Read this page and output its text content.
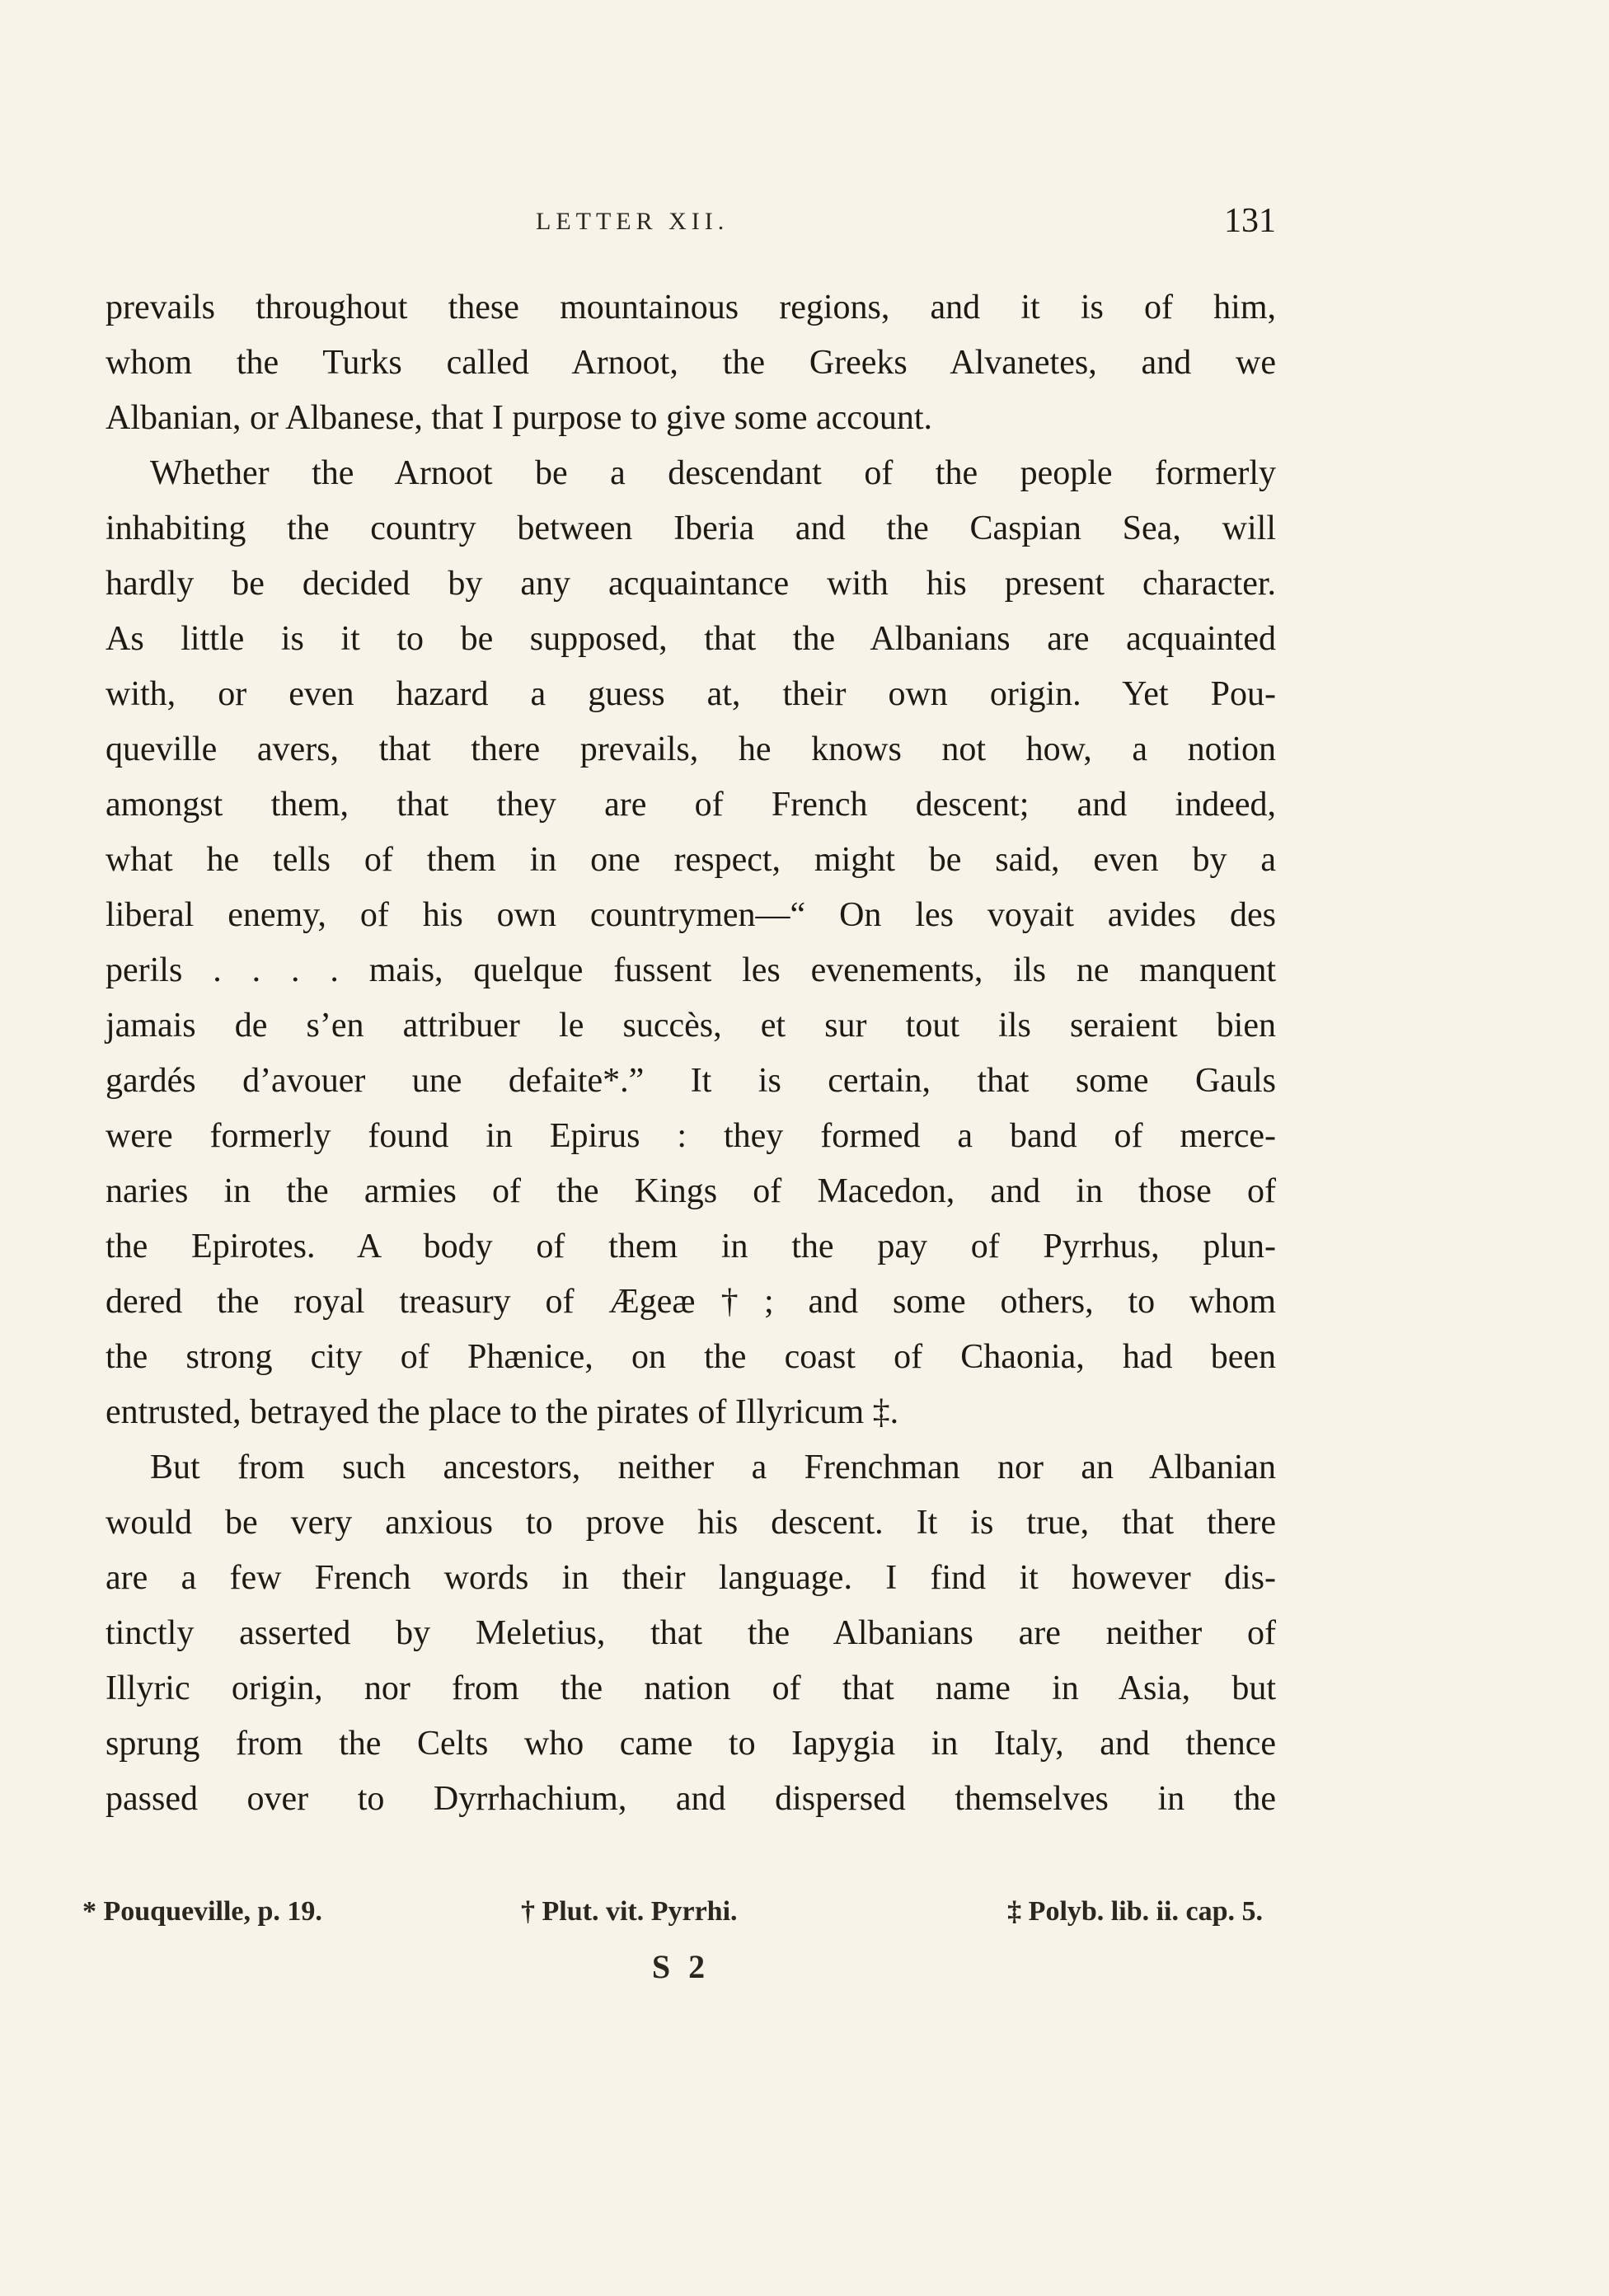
LETTER XII.	131
prevails throughout these mountainous regions, and it is of him,
whom the Turks called Arnoot, the Greeks Alvanetes, and we
Albanian, or Albanese, that I purpose to give some account.
Whether the Arnoot be a descendant of the people formerly
inhabiting the country between Iberia and the Caspian Sea, will
hardly be decided by any acquaintance with his present character.
As little is it to be supposed, that the Albanians are acquainted
with, or even hazard a guess at, their own origin. Yet Pou-
queville avers, that there prevails, he knows not how, a notion
amongst them, that they are of French descent; and indeed,
what he tells of them in one respect, might be said, even by a
liberal enemy, of his own countrymen—“ On les voyait avides des
perils . . . . mais, quelque fussent les evenements, ils ne manquent
jamais de s’en attribuer le succès, et sur tout ils seraient bien
gardés d’avouer une defaite*.” It is certain, that some Gauls
were formerly found in Epirus : they formed a band of merce-
naries in the armies of the Kings of Macedon, and in those of
the Epirotes. A body of them in the pay of Pyrrhus, plun-
dered the royal treasury of Ægeæ†; and some others, to whom
the strong city of Phænice, on the coast of Chaonia, had been
entrusted, betrayed the place to the pirates of Illyricum ‡.
But from such ancestors, neither a Frenchman nor an Albanian
would be very anxious to prove his descent. It is true, that there
are a few French words in their language. I find it however dis-
tinctly asserted by Meletius, that the Albanians are neither of
Illyric origin, nor from the nation of that name in Asia, but
sprung from the Celts who came to Iapygia in Italy, and thence
passed over to Dyrrhachium, and dispersed themselves in the
* Pouqueville, p. 19.	† Plut. vit. Pyrrhi.	‡ Polyb. lib. ii. cap. 5.
S 2
